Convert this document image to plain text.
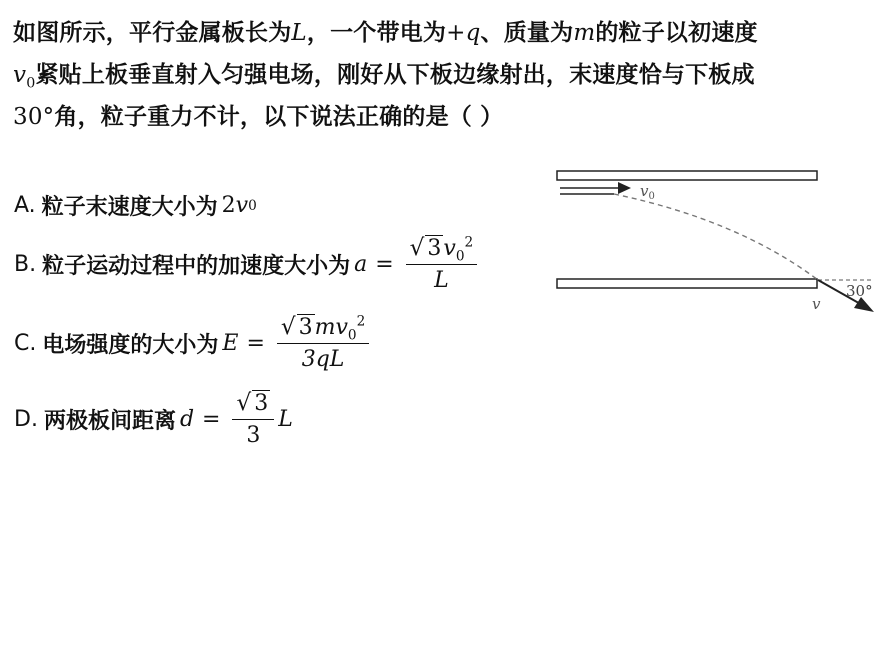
如图所示，平行金属板长为L，一个带电为+q、质量为m的粒子以初速度
$v_0$紧贴上板垂直射入匀强电场，刚好从下板边缘射出，末速度恰与下板成
30°角，粒子重力不计，以下说法正确的是（ ）
$v_0$
v
30°
A. 粒子末速度大小为 2 v 0
B. 粒子运动过程中的加速度大小为 $a = \frac{√ 3 v_0^2}{L}$
C. 电场强度的大小为 $E = \frac{√ 3 mv_0^2}{3qL}$
D. 两极板间距离 $d = \frac{√ 3}{3}$ L
